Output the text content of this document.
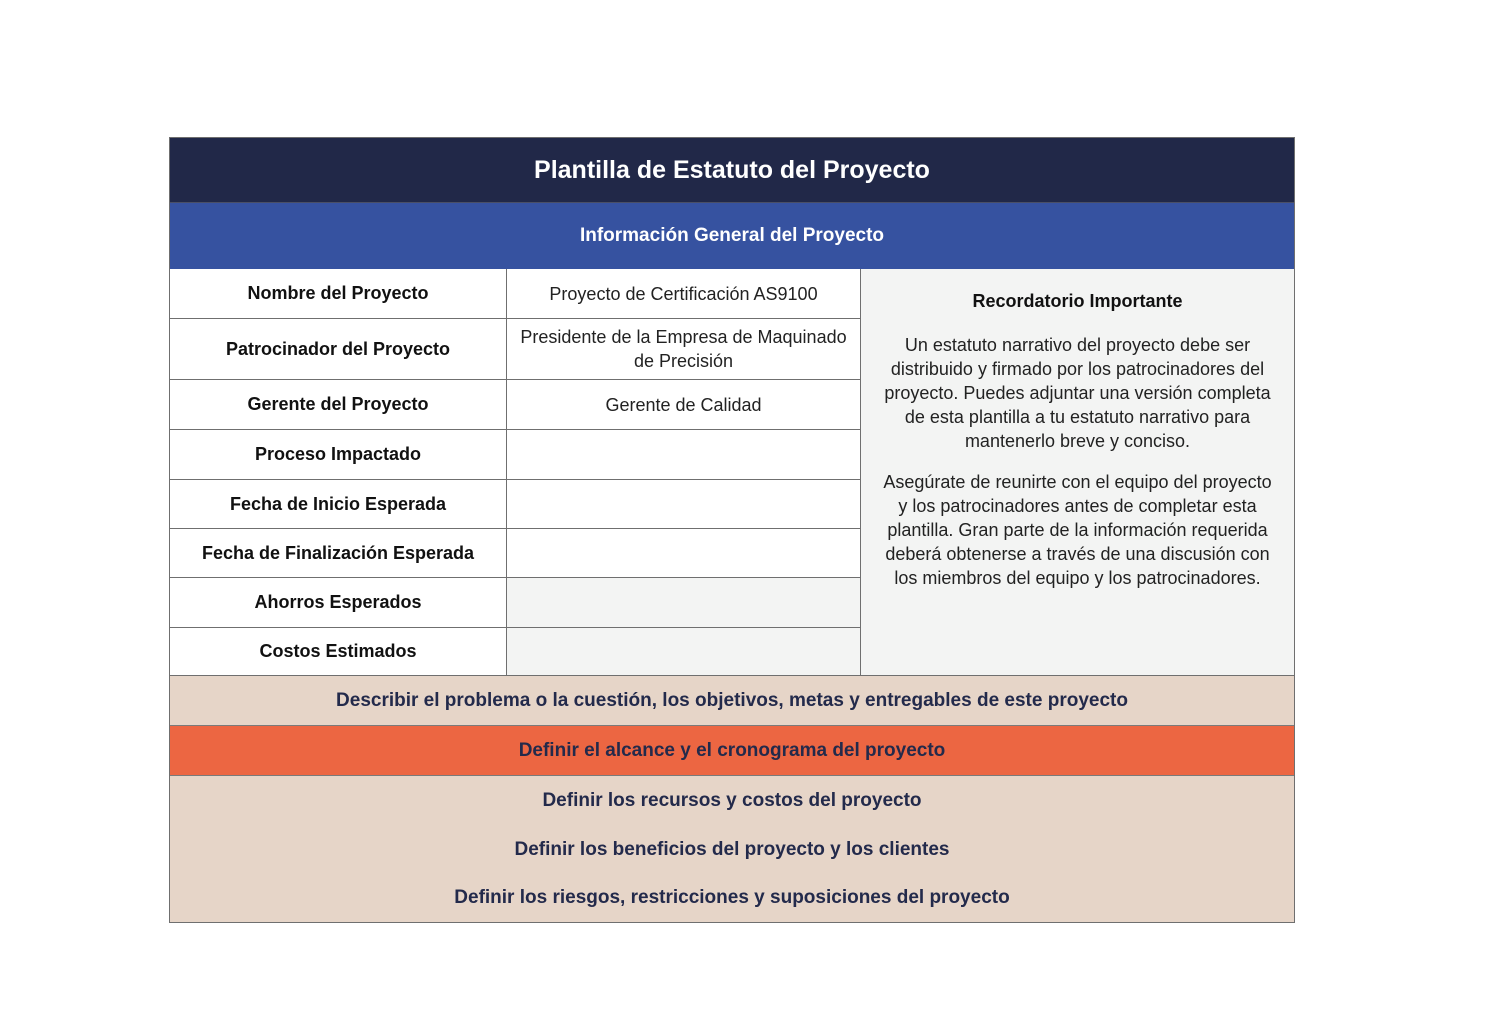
Plantilla de Estatuto del Proyecto
Información General del Proyecto
Nombre del Proyecto	Proyecto de Certificación AS9100
Patrocinador del Proyecto
Presidente de la Empresa de Maquinado de Precisión
Gerente del Proyecto	Gerente de Calidad
Proceso Impactado
Fecha de Inicio Esperada
Fecha de Finalización Esperada
Ahorros Esperados
Costos Estimados
Recordatorio Importante

Un estatuto narrativo del proyecto debe ser distribuido y firmado por los patrocinadores del proyecto. Puedes adjuntar una versión completa de esta plantilla a tu estatuto narrativo para mantenerlo breve y conciso.

Asegúrate de reunirte con el equipo del proyecto y los patrocinadores antes de completar esta plantilla. Gran parte de la información requerida deberá obtenerse a través de una discusión con los miembros del equipo y los patrocinadores.

Describir el problema o la cuestión, los objetivos, metas y entregables de este proyecto
Definir el alcance y el cronograma del proyecto
Definir los recursos y costos del proyecto
Definir los beneficios del proyecto y los clientes
Definir los riesgos, restricciones y suposiciones del proyecto
